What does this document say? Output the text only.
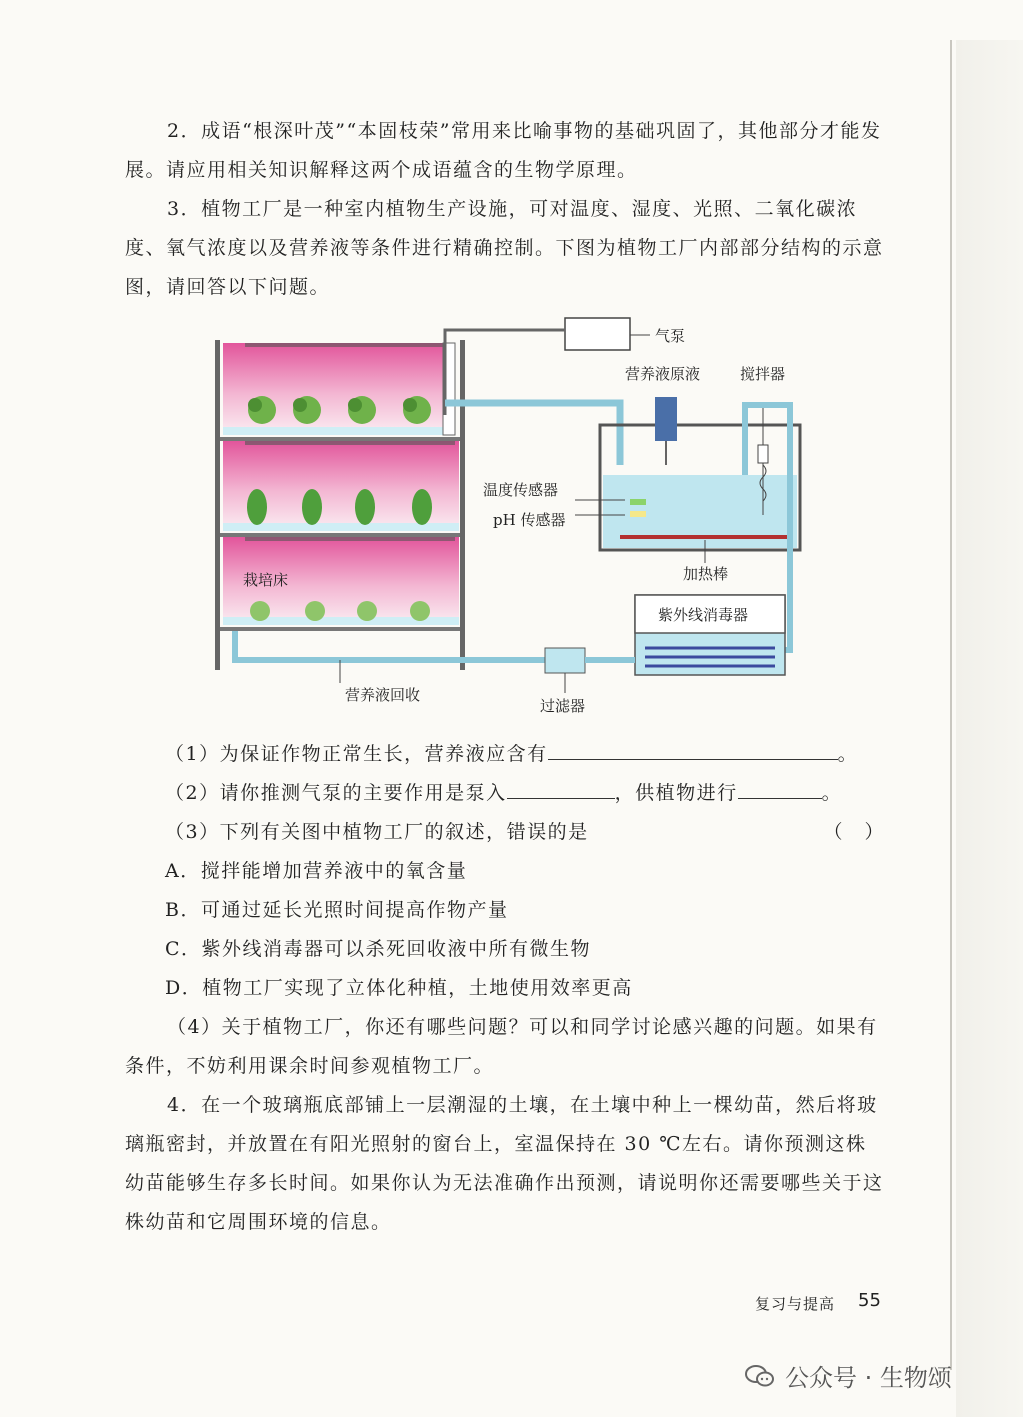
2．成语“根深叶茂”“本固枝荣”常用来比喻事物的基础巩固了，其他部分才能发展。请应用相关知识解释这两个成语蕴含的生物学原理。

3．植物工厂是一种室内植物生产设施，可对温度、湿度、光照、二氧化碳浓度、氧气浓度以及营养液等条件进行精确控制。下图为植物工厂内部部分结构的示意图，请回答以下问题。

气泵
营养液原液	搅拌器
温度传感器
pH 传感器
加热棒
紫外线消毒器
栽培床
营养液回收
过滤器
（1）为保证作物正常生长，营养液应含有	。
（2）请你推测气泵的主要作用是泵入	，供植物进行	。
（3）下列有关图中植物工厂的叙述，错误的是	（　）
A．搅拌能增加营养液中的氧含量
B．可通过延长光照时间提高作物产量
C．紫外线消毒器可以杀死回收液中所有微生物
D．植物工厂实现了立体化种植，土地使用效率更高

（4）关于植物工厂，你还有哪些问题？可以和同学讨论感兴趣的问题。如果有条件，不妨利用课余时间参观植物工厂。

4．在一个玻璃瓶底部铺上一层潮湿的土壤，在土壤中种上一棵幼苗，然后将玻璃瓶密封，并放置在有阳光照射的窗台上，室温保持在 30 ℃左右。请你预测这株幼苗能够生存多长时间。如果你认为无法准确作出预测，请说明你还需要哪些关于这株幼苗和它周围环境的信息。

复习与提高 55
公众号 · 生物颂
